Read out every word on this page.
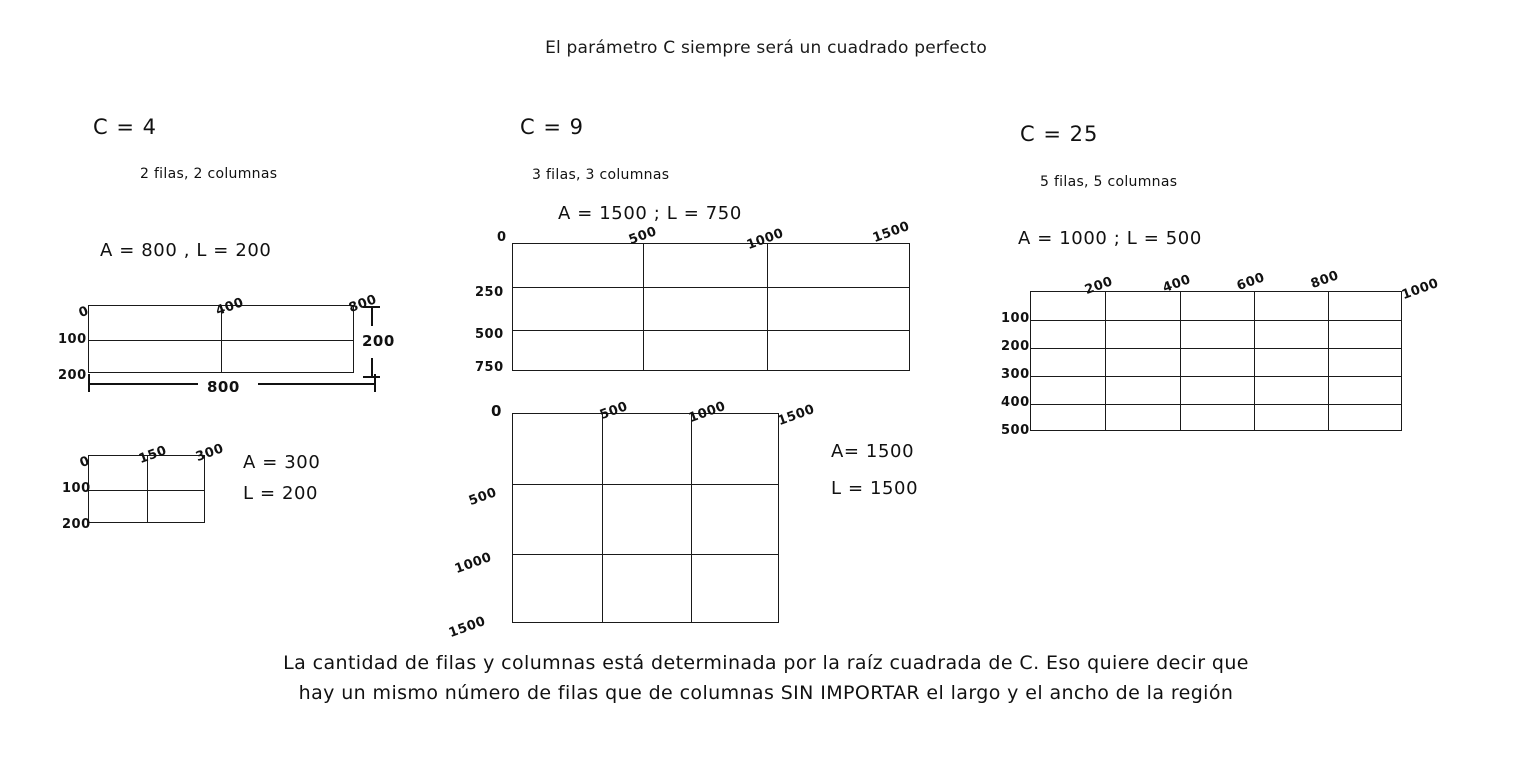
El parámetro C siempre será un cuadrado perfecto
C = 4
2 filas, 2 columnas
A = 800 , L = 200
0	400	800
100
200
800
200
0	150 300
100
200
A = 300
L = 200
C = 9
3 filas, 3 columnas
A = 1500 ; L = 750
0	500	1000	1500
250
500
750
0	500	1000	1500
500
1000
1500
A= 1500
L = 1500
C = 25
5 filas, 5 columnas
A = 1000 ; L = 500
200	400	600	800	1000
100
200
300
400
500
La cantidad de filas y columnas está determinada por la raíz cuadrada de C. Eso quiere decir que
hay un mismo número de filas que de columnas SIN IMPORTAR el largo y el ancho de la región
